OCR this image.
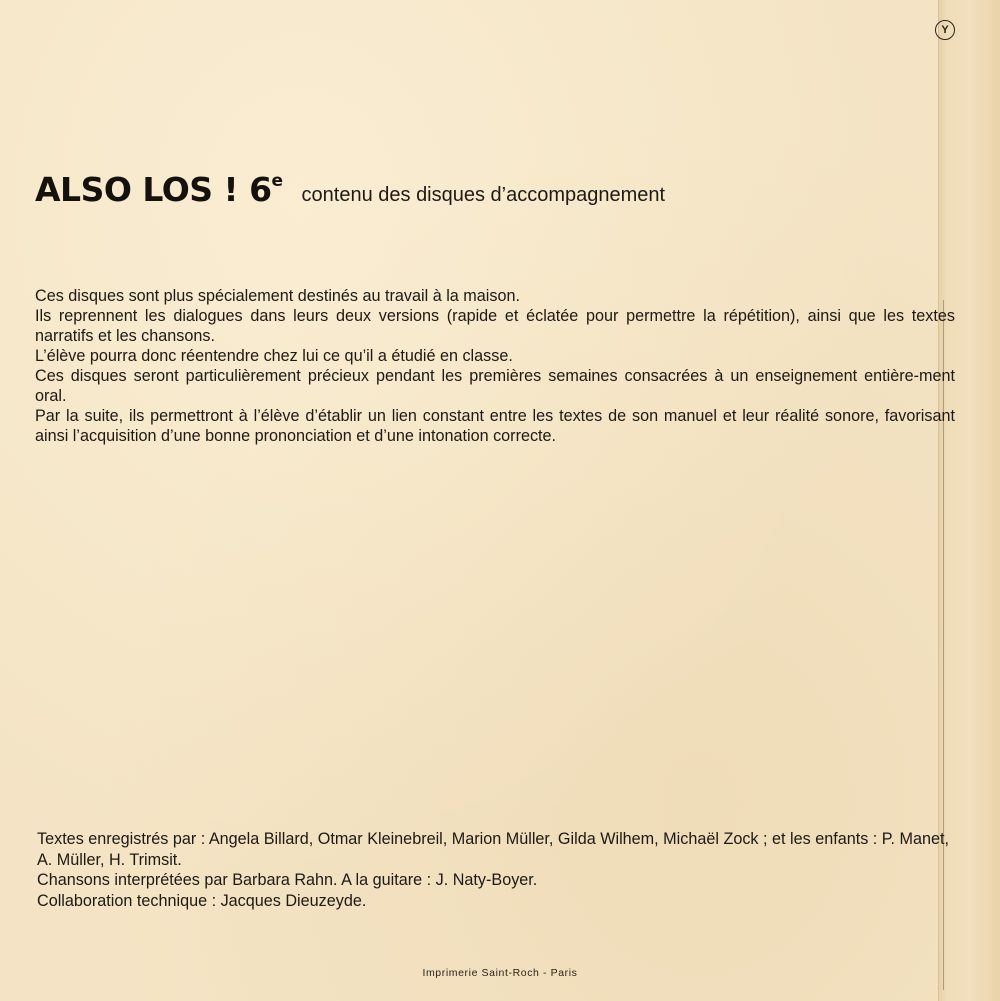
Y
ALSO LOS ! 6e contenu des disques d’accompagnement

Ces disques sont plus spécialement destinés au travail à la maison.

Ils reprennent les dialogues dans leurs deux versions (rapide et éclatée pour permettre la répétition), ainsi que les textes narratifs et les chansons.

L’élève pourra donc réentendre chez lui ce qu’il a étudié en classe.

Ces disques seront particulièrement précieux pendant les premières semaines consacrées à un enseignement entière-ment oral.

Par la suite, ils permettront à l’élève d’établir un lien constant entre les textes de son manuel et leur réalité sonore, favorisant ainsi l’acquisition d’une bonne prononciation et d’une intonation correcte.

Textes enregistrés par : Angela Billard, Otmar Kleinebreil, Marion Müller, Gilda Wilhem, Michaël Zock ; et les enfants : P. Manet, A. Müller, H. Trimsit.

Chansons interprétées par Barbara Rahn. A la guitare : J. Naty-Boyer.

Collaboration technique : Jacques Dieuzeyde.

Imprimerie Saint-Roch - Paris
